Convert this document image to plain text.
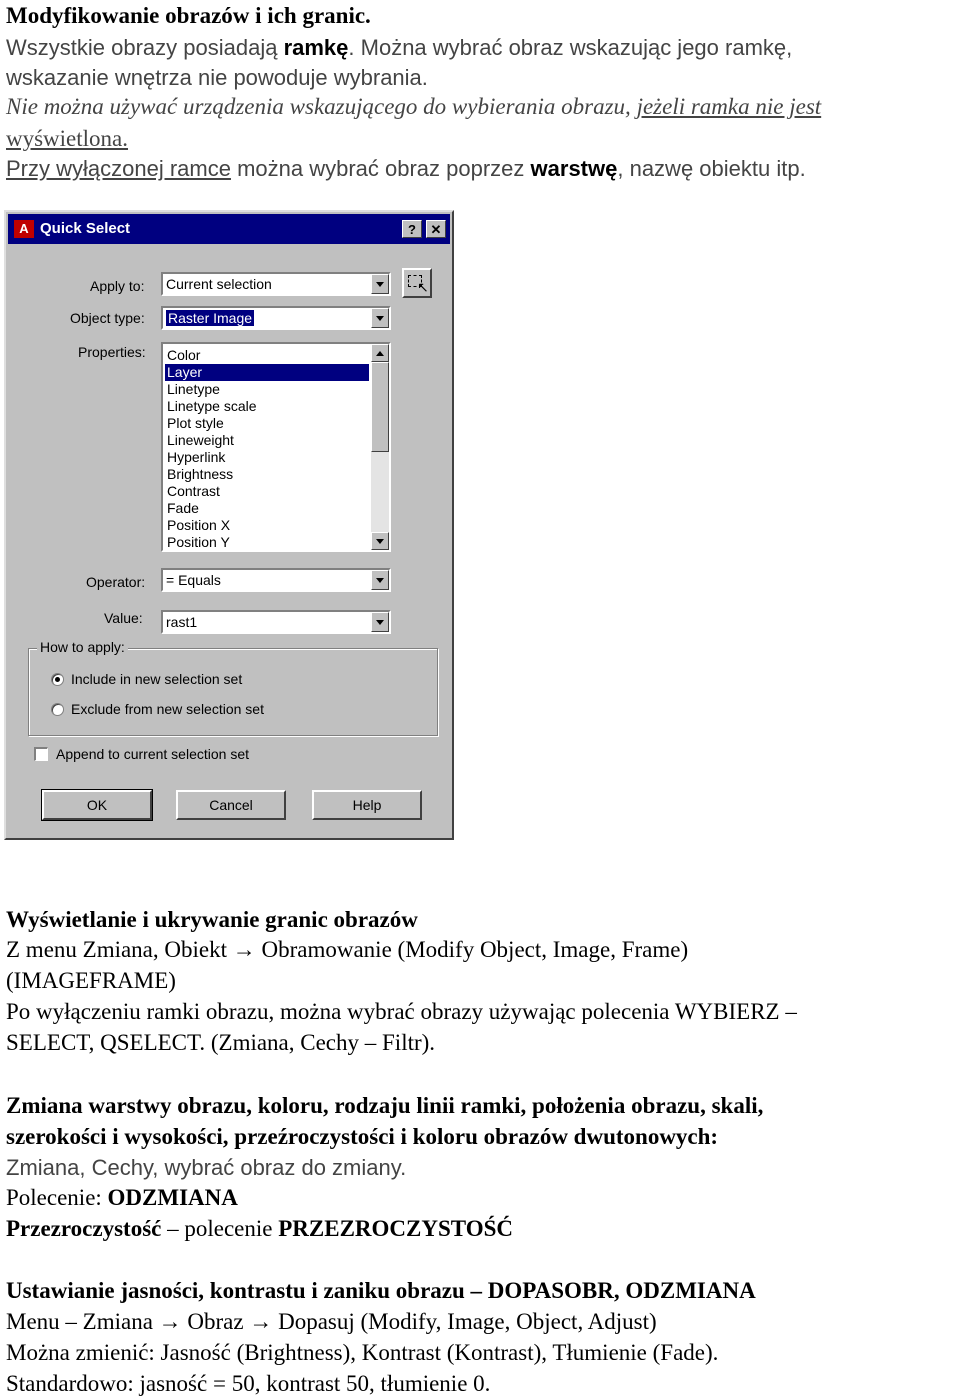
Modyfikowanie obrazów i ich granic.
Wszystkie obrazy posiadają ramkę. Można wybrać obraz wskazując jego ramkę,
wskazanie wnętrza nie powoduje wybrania.
Nie można używać urządzenia wskazującego do wybierania obrazu, jeżeli ramka nie jest
wyświetlona.
Przy wyłączonej ramce można wybrać obraz poprzez warstwę, nazwę obiektu itp.
A Quick Select	?	✕
Apply to: Current selection	↖
Object type: Raster Image
Properties: Color
Layer
Linetype
Linetype scale
Plot style
Lineweight
Hyperlink
Brightness
Contrast
Fade
Position X
Position Y
Operator: = Equals
Value: rast1
How to apply:
Include in new selection set
Exclude from new selection set
Append to current selection set
OK	Cancel	Help
Wyświetlanie i ukrywanie granic obrazów
Z menu Zmiana, Obiekt → Obramowanie (Modify Object, Image, Frame)
(IMAGEFRAME)
Po wyłączeniu ramki obrazu, można wybrać obrazy używając polecenia WYBIERZ –
SELECT, QSELECT. (Zmiana, Cechy – Filtr).
Zmiana warstwy obrazu, koloru, rodzaju linii ramki, położenia obrazu, skali,
szerokości i wysokości, przeźroczystości i koloru obrazów dwutonowych:
Zmiana, Cechy, wybrać obraz do zmiany.
Polecenie: ODZMIANA
Przezroczystość – polecenie PRZEZROCZYSTOŚĆ
Ustawianie jasności, kontrastu i zaniku obrazu – DOPASOBR, ODZMIANA
Menu – Zmiana → Obraz → Dopasuj (Modify, Image, Object, Adjust)
Można zmienić: Jasność (Brightness), Kontrast (Kontrast), Tłumienie (Fade).
Standardowo: jasność = 50, kontrast 50, tłumienie 0.
